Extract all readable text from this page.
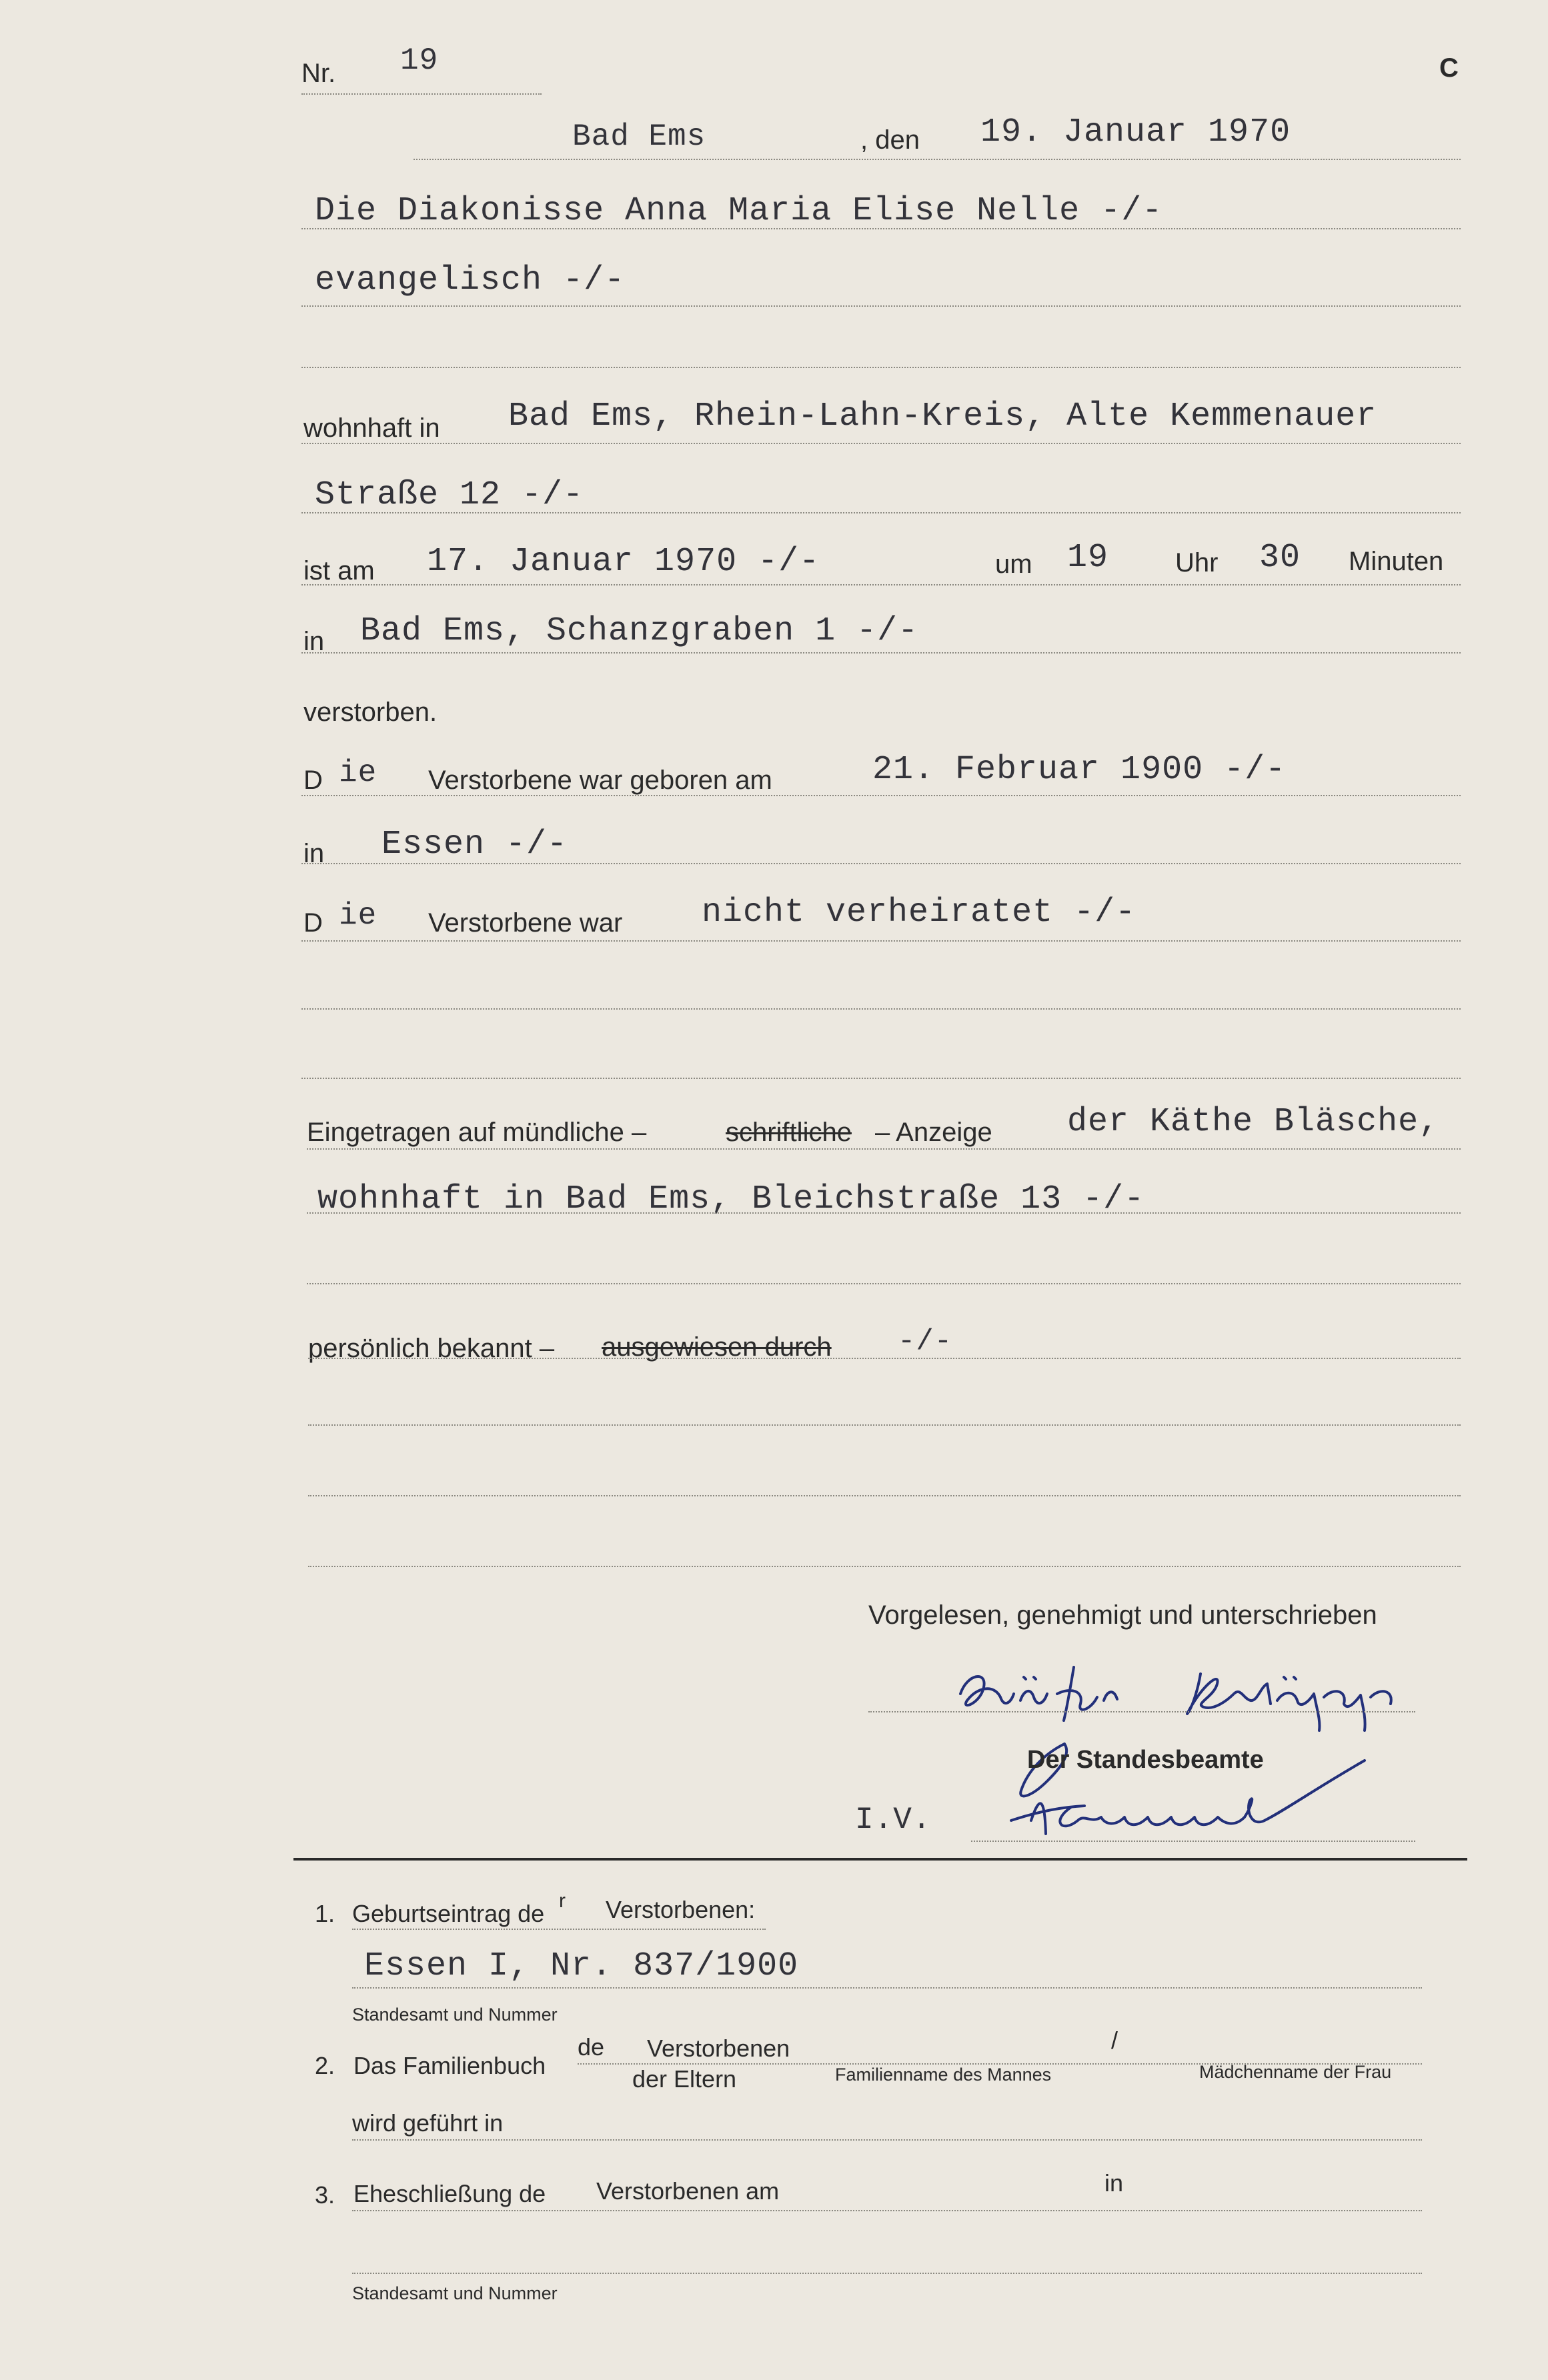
Nr. 19	C
Bad Ems	, den 19. Januar 1970
Die Diakonisse Anna Maria Elise Nelle -/-
evangelisch -/-
wohnhaft in Bad Ems, Rhein-Lahn-Kreis, Alte Kemmenauer
Straße 12 -/-
ist am 17. Januar 1970 -/-	um 19 Uhr 30 Minuten
in Bad Ems, Schanzgraben 1 -/-
verstorben.
D ie Verstorbene war geboren am	21. Februar 1900 -/-
in Essen -/-
D ie Verstorbene war nicht verheiratet -/-
Eingetragen auf mündliche –	schriftliche – Anzeige der Käthe Bläsche,
wohnhaft in Bad Ems, Bleichstraße 13 -/-
persönlich bekannt – ausgewiesen durch -/-
Vorgelesen, genehmigt und unterschrieben
Der Standesbeamte
I.V.
1. Geburtseintrag de r Verstorbenen:
Essen I, Nr. 837/1900
Standesamt und Nummer
2. Das Familienbuch
de Verstorbenen	/
der Eltern	Familienname des Mannes	Mädchenname der Frau
wird geführt in
3. Eheschließung de Verstorbenen am	in
Standesamt und Nummer
